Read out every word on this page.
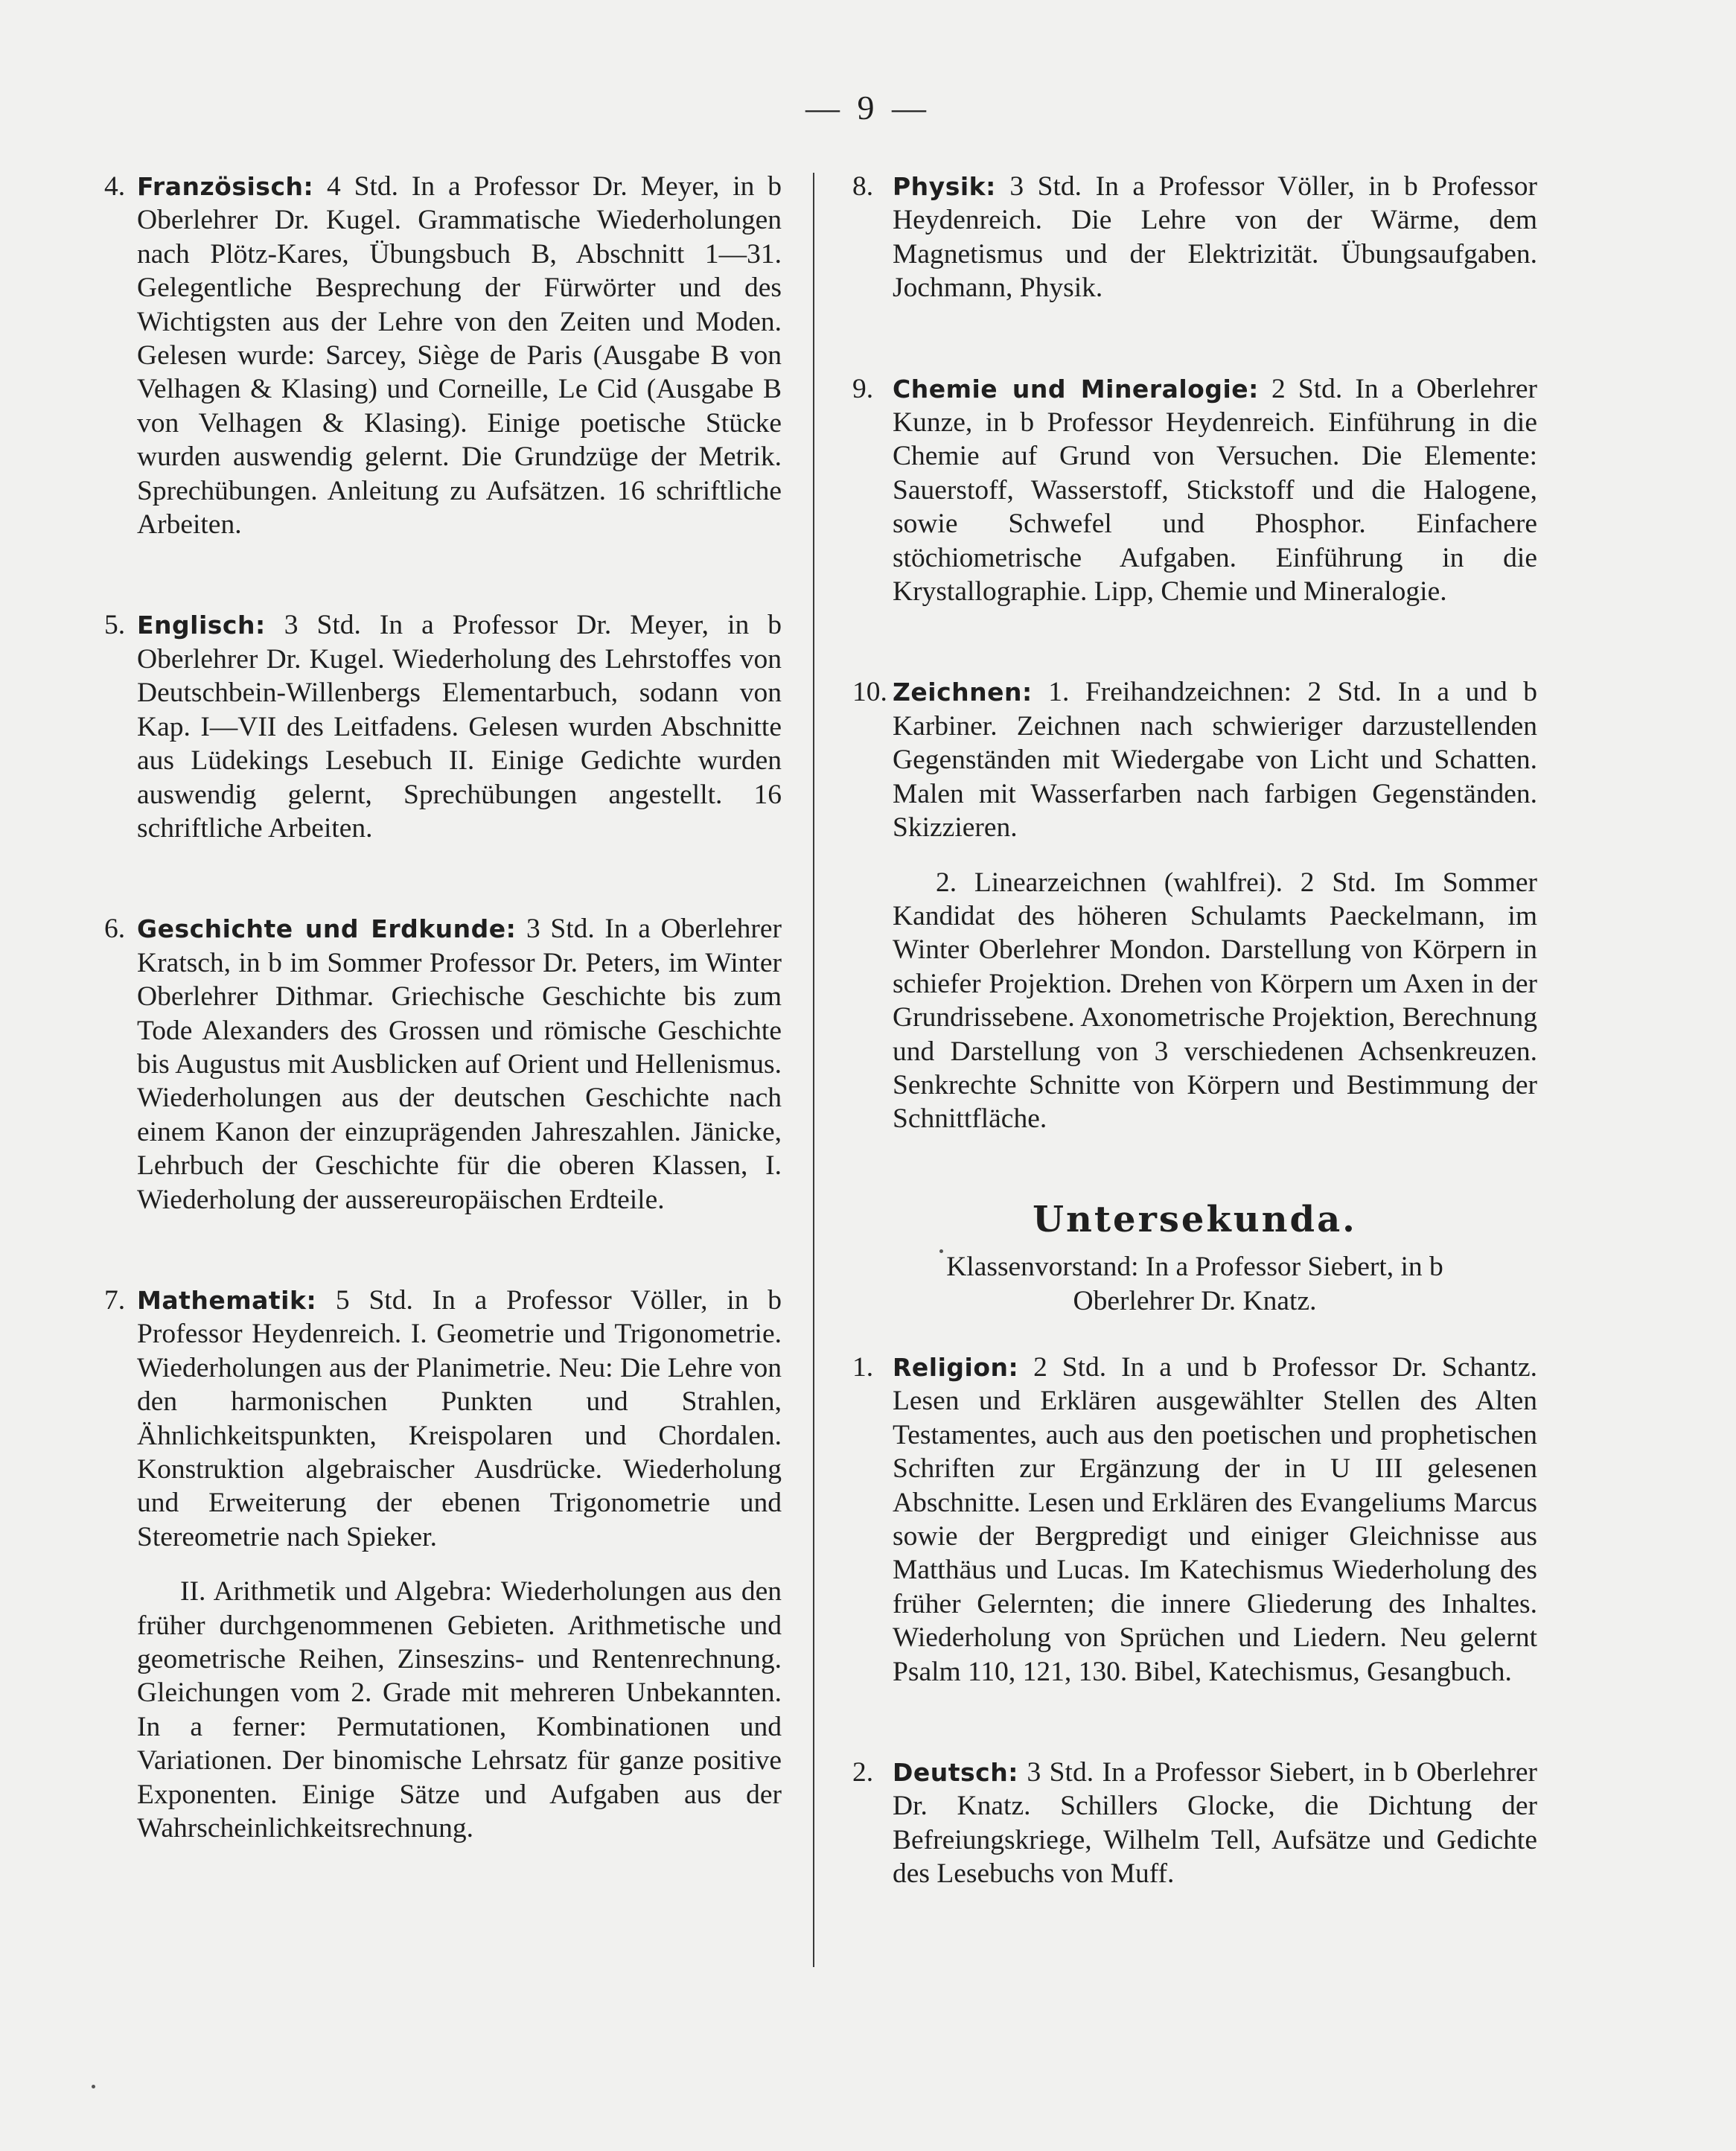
— 9 —
4. Französisch: 4 Std. In a Professor Dr. Meyer, in b Oberlehrer Dr. Kugel. Grammatische Wiederholungen nach Plötz-Kares, Übungsbuch B, Abschnitt 1—31. Gelegentliche Besprechung der Fürwörter und des Wichtigsten aus der Lehre von den Zeiten und Moden. Gelesen wurde: Sarcey, Siège de Paris (Ausgabe B von Velhagen & Klasing) und Corneille, Le Cid (Ausgabe B von Velhagen & Klasing). Einige poetische Stücke wurden auswendig gelernt. Die Grundzüge der Metrik. Sprechübungen. Anleitung zu Aufsätzen. 16 schriftliche Arbeiten.
5. Englisch: 3 Std. In a Professor Dr. Meyer, in b Oberlehrer Dr. Kugel. Wiederholung des Lehrstoffes von Deutschbein-Willenbergs Elementarbuch, sodann von Kap. I—VII des Leitfadens. Gelesen wurden Abschnitte aus Lüdekings Lesebuch II. Einige Gedichte wurden auswendig gelernt, Sprechübungen angestellt. 16 schriftliche Arbeiten.
6. Geschichte und Erdkunde: 3 Std. In a Oberlehrer Kratsch, in b im Sommer Professor Dr. Peters, im Winter Oberlehrer Dithmar. Griechische Geschichte bis zum Tode Alexanders des Grossen und römische Geschichte bis Augustus mit Ausblicken auf Orient und Hellenismus. Wiederholungen aus der deutschen Geschichte nach einem Kanon der einzuprägenden Jahreszahlen. Jänicke, Lehrbuch der Geschichte für die oberen Klassen, I. Wiederholung der aussereuropäischen Erdteile.
7. Mathematik: 5 Std. In a Professor Völler, in b Professor Heydenreich. I. Geometrie und Trigonometrie. Wiederholungen aus der Planimetrie. Neu: Die Lehre von den harmonischen Punkten und Strahlen, Ähnlichkeitspunkten, Kreispolaren und Chordalen. Konstruktion algebraischer Ausdrücke. Wiederholung und Erweiterung der ebenen Trigonometrie und Stereometrie nach Spieker.
II. Arithmetik und Algebra: Wiederholungen aus den früher durchgenommenen Gebieten. Arithmetische und geometrische Reihen, Zinseszins- und Rentenrechnung. Gleichungen vom 2. Grade mit mehreren Unbekannten. In a ferner: Permutationen, Kombinationen und Variationen. Der binomische Lehrsatz für ganze positive Exponenten. Einige Sätze und Aufgaben aus der Wahrscheinlichkeitsrechnung.
8. Physik: 3 Std. In a Professor Völler, in b Professor Heydenreich. Die Lehre von der Wärme, dem Magnetismus und der Elektrizität. Übungsaufgaben. Jochmann, Physik.
9. Chemie und Mineralogie: 2 Std. In a Oberlehrer Kunze, in b Professor Heydenreich. Einführung in die Chemie auf Grund von Versuchen. Die Elemente: Sauerstoff, Wasserstoff, Stickstoff und die Halogene, sowie Schwefel und Phosphor. Einfachere stöchiometrische Aufgaben. Einführung in die Krystallographie. Lipp, Chemie und Mineralogie.
10. Zeichnen: 1. Freihandzeichnen: 2 Std. In a und b Karbiner. Zeichnen nach schwieriger darzustellenden Gegenständen mit Wiedergabe von Licht und Schatten. Malen mit Wasserfarben nach farbigen Gegenständen. Skizzieren.
2. Linearzeichnen (wahlfrei). 2 Std. Im Sommer Kandidat des höheren Schulamts Paeckelmann, im Winter Oberlehrer Mondon. Darstellung von Körpern in schiefer Projektion. Drehen von Körpern um Axen in der Grundrissebene. Axonometrische Projektion, Berechnung und Darstellung von 3 verschiedenen Achsenkreuzen. Senkrechte Schnitte von Körpern und Bestimmung der Schnittfläche.
Untersekunda.
Klassenvorstand: In a Professor Siebert, in b
Oberlehrer Dr. Knatz.
1. Religion: 2 Std. In a und b Professor Dr. Schantz. Lesen und Erklären ausgewählter Stellen des Alten Testamentes, auch aus den poetischen und prophetischen Schriften zur Ergänzung der in U III gelesenen Abschnitte. Lesen und Erklären des Evangeliums Marcus sowie der Bergpredigt und einiger Gleichnisse aus Matthäus und Lucas. Im Katechismus Wiederholung des früher Gelernten; die innere Gliederung des Inhaltes. Wiederholung von Sprüchen und Liedern. Neu gelernt Psalm 110, 121, 130. Bibel, Katechismus, Gesangbuch.
2. Deutsch: 3 Std. In a Professor Siebert, in b Oberlehrer Dr. Knatz. Schillers Glocke, die Dichtung der Befreiungskriege, Wilhelm Tell, Aufsätze und Gedichte des Lesebuchs von Muff.
